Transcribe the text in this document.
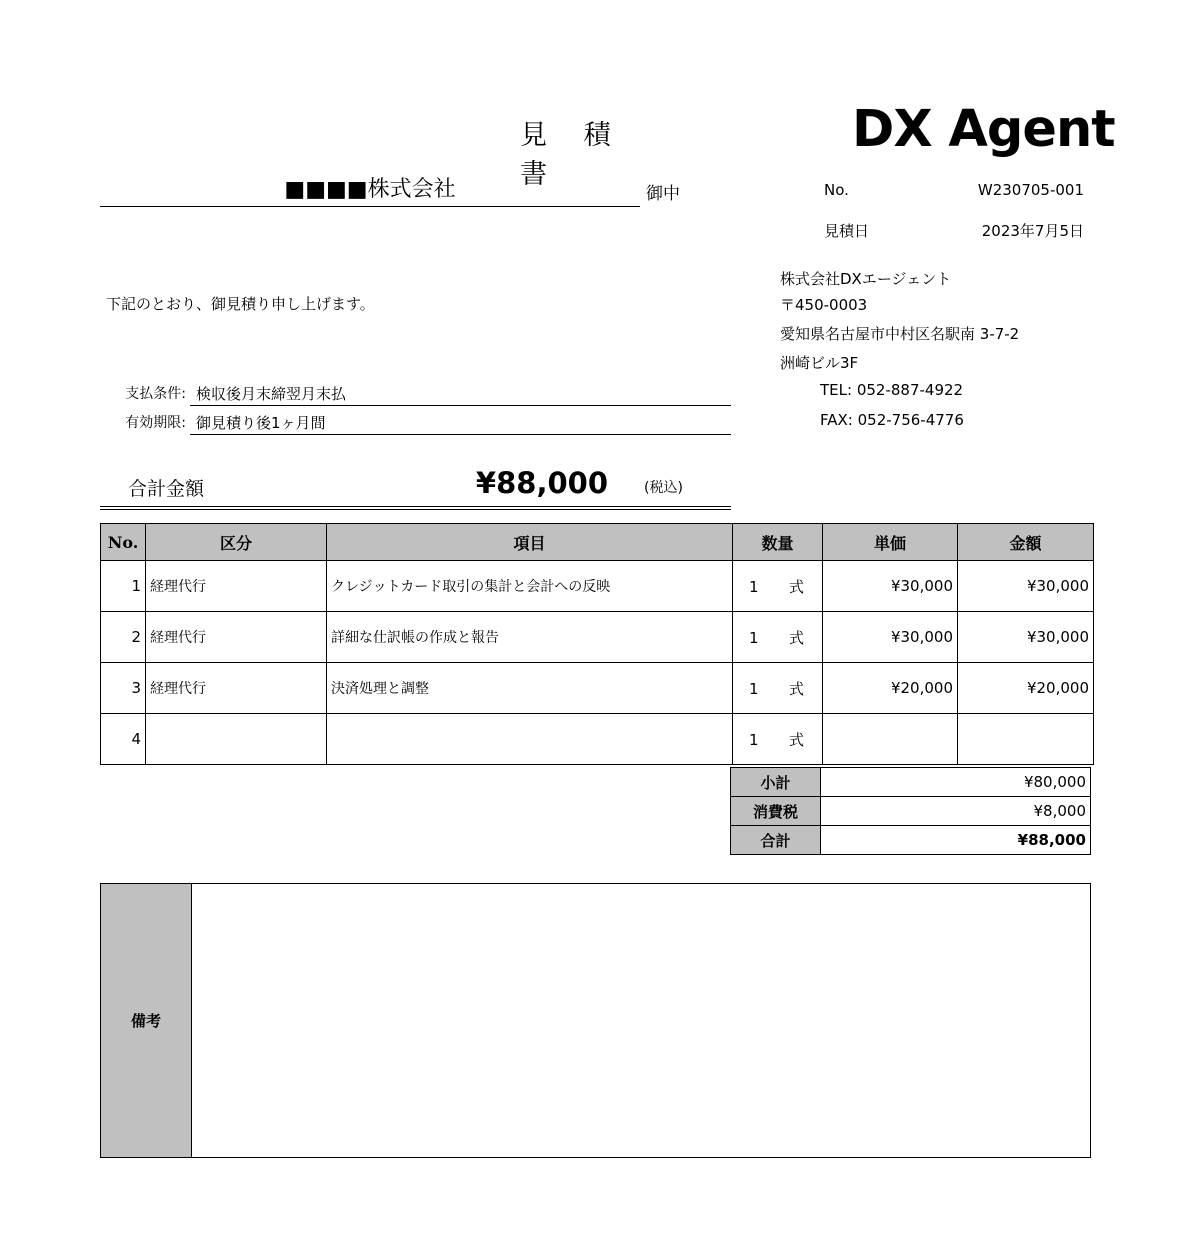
見 積 書
DX Agent
■■■■株式会社	御中	No.	W230705-001
見積日	2023年7月5日
下記のとおり、御見積り申し上げます。
株式会社DXエージェント
〒450-0003
愛知県名古屋市中村区名駅南 3-7-2
洲崎ビル3F
TEL: 052-887-4922
FAX: 052-756-4776
支払条件: 検収後月末締翌月末払
有効期限: 御見積り後1ヶ月間
合計金額	¥88,000	(税込)
No.	区分	項目	数量	単価	金額
1	経理代行	クレジットカード取引の集計と会計への反映	1 式	¥30,000	¥30,000
2	経理代行	詳細な仕訳帳の作成と報告	1 式	¥30,000	¥30,000
3	経理代行	決済処理と調整	1 式	¥20,000	¥20,000
4			1 式		
小計	¥80,000
消費税	¥8,000
合計	¥88,000
備考
